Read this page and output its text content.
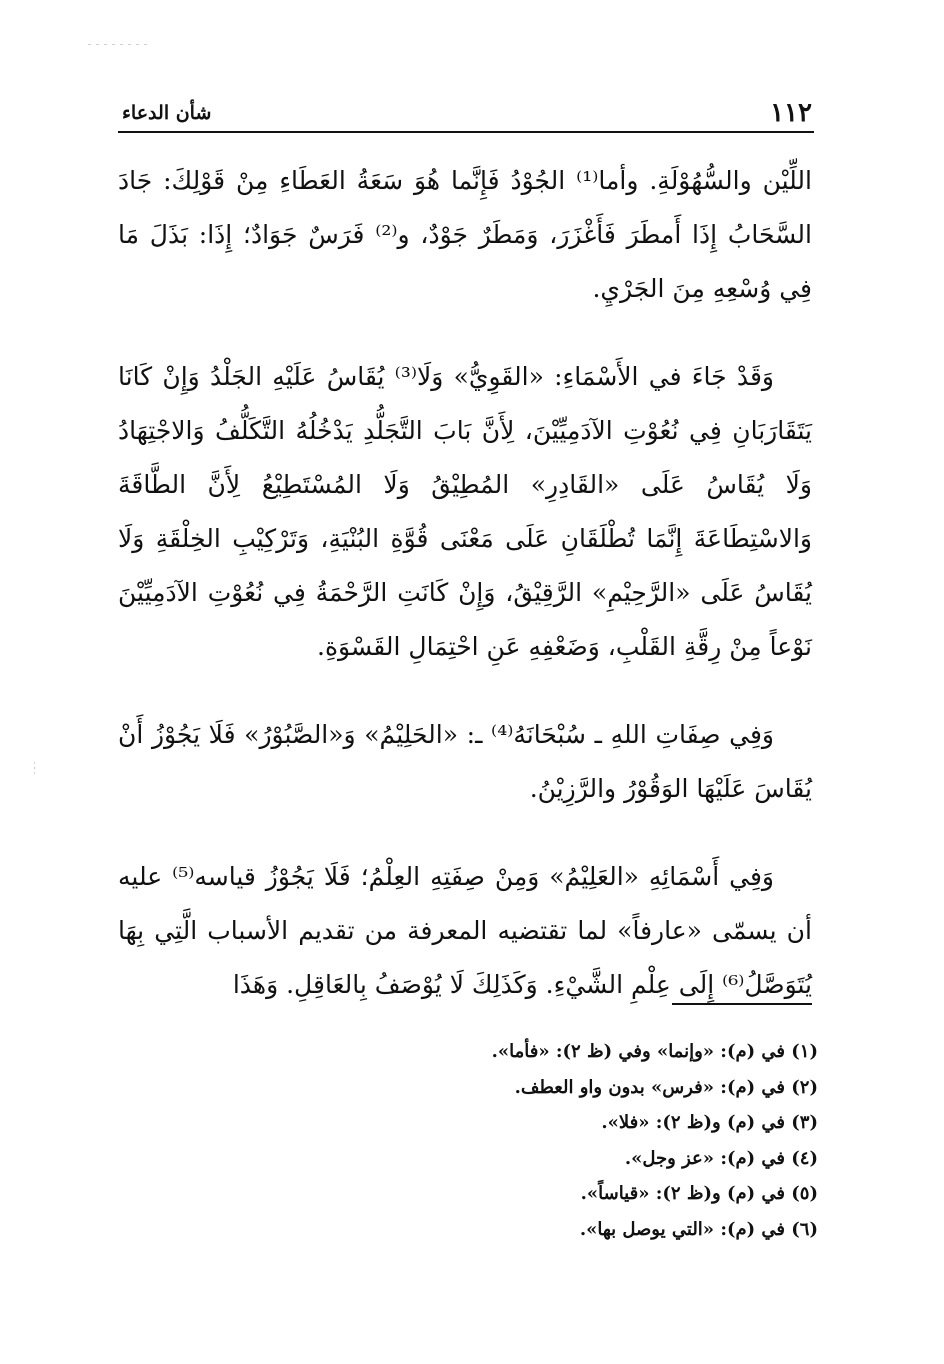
١١٢
شأن الدعاء

اللِّيْن والسُّهُوْلَةِ. وأما⁽¹⁾ الجُوْدُ فَإِنَّما هُوَ سَعَةُ العَطَاءِ مِنْ قَوْلِكَ: جَادَ السَّحَابُ إِذَا أَمطَرَ فَأَغْزَرَ، وَمَطَرٌ جَوْدٌ، و⁽²⁾ فَرَسٌ جَوَادٌ؛ إِذَا: بَذَلَ مَا فِي وُسْعِهِ مِنَ الجَرْيِ.

وَقَدْ جَاءَ في الأَسْمَاءِ: «القَوِيُّ» وَلَا⁽³⁾ يُقَاسُ عَلَيْهِ الجَلْدُ وَإِنْ كَانَا يَتَقَارَبَانِ فِي نُعُوْتِ الآدَمِيِّيْنَ، لِأَنَّ بَابَ التَّجَلُّدِ يَدْخُلُهُ التَّكَلُّفُ وَالاجْتِهَادُ وَلَا يُقَاسُ عَلَى «القَادِرِ» المُطِيْقُ وَلَا المُسْتَطِيْعُ لِأَنَّ الطَّاقَةَ وَالاسْتِطَاعَةَ إِنَّمَا تُطْلَقَانِ عَلَى مَعْنَى قُوَّةِ البُنْيَةِ، وَتَرْكِيْبِ الخِلْقَةِ وَلَا يُقَاسُ عَلَى «الرَّحِيْمِ» الرَّقِيْقُ، وَإِنْ كَانَتِ الرَّحْمَةُ فِي نُعُوْتِ الآدَمِيِّيْنَ نَوْعاً مِنْ رِقَّةِ القَلْبِ، وَضَعْفِهِ عَنِ احْتِمَالِ القَسْوَةِ.

وَفِي صِفَاتِ اللهِ ـ سُبْحَانَهُ⁽⁴⁾ ـ: «الحَلِيْمُ» وَ«الصَّبُوْرُ» فَلَا يَجُوْزُ أَنْ يُقَاسَ عَلَيْهَا الوَقُوْرُ والرَّزِيْنُ.

وَفِي أَسْمَائِهِ «العَلِيْمُ» وَمِنْ صِفَتِهِ العِلْمُ؛ فَلَا يَجُوْزُ قياسه⁽⁵⁾ عليه أن يسمّى «عارفاً» لما تقتضيه المعرفة من تقديم الأسباب الَّتِي بِهَا يُتَوَصَّلُ⁽⁶⁾ إِلَى عِلْمِ الشَّيْءِ. وَكَذَلِكَ لَا يُوْصَفُ بِالعَاقِلِ. وَهَذَا

(١) في (م): «وإنما» وفي (ظ ٢): «فأما».
(٢) في (م): «فرس» بدون واو العطف.
(٣) في (م) و(ظ ٢): «فلا».
(٤) في (م): «عز وجل».
(٥) في (م) و(ظ ٢): «قياساً».
(٦) في (م): «التي يوصل بها».
